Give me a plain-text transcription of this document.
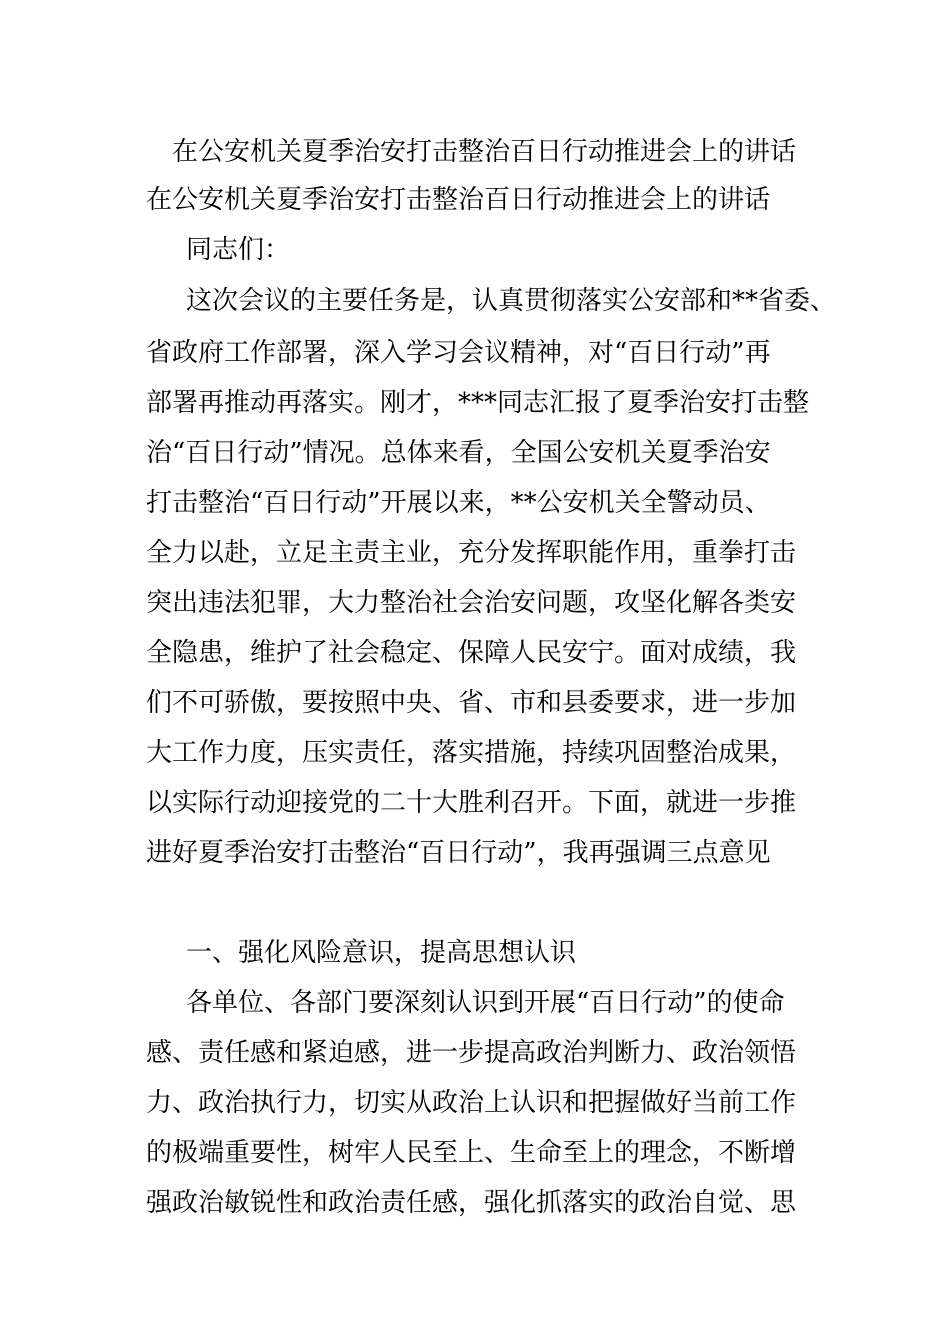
在公安机关夏季治安打击整治百日行动推进会上的讲话
在公安机关夏季治安打击整治百日行动推进会上的讲话
同志们：
这次会议的主要任务是，认真贯彻落实公安部和**省委、
省政府工作部署，深入学习会议精神，对“百日行动”再
部署再推动再落实。刚才，***同志汇报了夏季治安打击整
治“百日行动”情况。总体来看，全国公安机关夏季治安
打击整治“百日行动”开展以来，**公安机关全警动员、
全力以赴，立足主责主业，充分发挥职能作用，重拳打击
突出违法犯罪，大力整治社会治安问题，攻坚化解各类安
全隐患，维护了社会稳定、保障人民安宁。面对成绩，我
们不可骄傲，要按照中央、省、市和县委要求，进一步加
大工作力度，压实责任，落实措施，持续巩固整治成果，
以实际行动迎接党的二十大胜利召开。下面，就进一步推
进好夏季治安打击整治“百日行动”，我再强调三点意见
一、强化风险意识，提高思想认识
各单位、各部门要深刻认识到开展“百日行动”的使命
感、责任感和紧迫感，进一步提高政治判断力、政治领悟
力、政治执行力，切实从政治上认识和把握做好当前工作
的极端重要性，树牢人民至上、生命至上的理念，不断增
强政治敏锐性和政治责任感，强化抓落实的政治自觉、思
